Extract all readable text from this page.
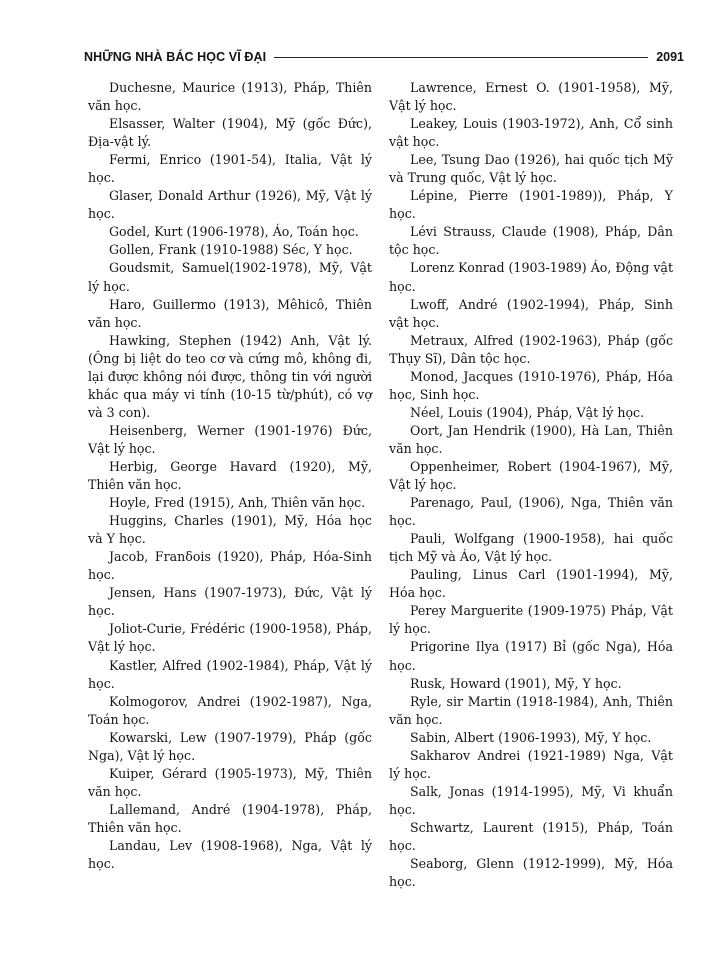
NHỮNG NHÀ BÁC HỌC VĨ ĐẠI	2091

Duchesne, Maurice (1913), Pháp, Thiên văn học.

Elsasser, Walter (1904), Mỹ (gốc Đức), Địa-vật lý.

Fermi, Enrico (1901-54), Italia, Vật lý học.

Glaser, Donald Arthur (1926), Mỹ, Vật lý học.

Godel, Kurt (1906-1978), Áo, Toán học.

Gollen, Frank (1910-1988) Séc, Y học.

Goudsmit, Samuel(1902-1978), Mỹ, Vật lý học.

Haro, Guillermo (1913), Mêhicô, Thiên văn học.

Hawking, Stephen (1942) Anh, Vật lý. (Ông bị liệt do teo cơ và cứng mô, không đi, lại được không nói được, thông tin với người khác qua máy vi tính (10-15 từ/phút), có vợ và 3 con).

Heisenberg, Werner (1901-1976) Đức, Vật lý học.

Herbig, George Havard (1920), Mỹ, Thiên văn học.

Hoyle, Fred (1915), Anh, Thiên văn học.

Huggins, Charles (1901), Mỹ, Hóa học và Y học.

Jacob, Franδois (1920), Pháp, Hóa-Sinh học.

Jensen, Hans (1907-1973), Đức, Vật lý học.

Joliot-Curie, Frédéric (1900-1958), Pháp, Vật lý học.

Kastler, Alfred (1902-1984), Pháp, Vật lý học.

Kolmogorov, Andrei (1902-1987), Nga, Toán học.

Kowarski, Lew (1907-1979), Pháp (gốc Nga), Vật lý học.

Kuiper, Gérard (1905-1973), Mỹ, Thiên văn học.

Lallemand, André (1904-1978), Pháp, Thiên văn học.

Landau, Lev (1908-1968), Nga, Vật lý học.

Lawrence, Ernest O. (1901-1958), Mỹ, Vật lý học.

Leakey, Louis (1903-1972), Anh, Cổ sinh vật học.

Lee, Tsung Dao (1926), hai quốc tịch Mỹ và Trung quốc, Vật lý học.

Lépine, Pierre (1901-1989)), Pháp, Y học.

Lévi Strauss, Claude (1908), Pháp, Dân tộc học.

Lorenz Konrad (1903-1989) Áo, Động vật học.

Lwoff, André (1902-1994), Pháp, Sinh vật học.

Metraux, Alfred (1902-1963), Pháp (gốc Thụy Sĩ), Dân tộc học.

Monod, Jacques (1910-1976), Pháp, Hóa học, Sinh học.

Néel, Louis (1904), Pháp, Vật lý học.

Oort, Jan Hendrik (1900), Hà Lan, Thiên văn học.

Oppenheimer, Robert (1904-1967), Mỹ, Vật lý học.

Parenago, Paul, (1906), Nga, Thiên văn học.

Pauli, Wolfgang (1900-1958), hai quốc tịch Mỹ và Áo, Vật lý học.

Pauling, Linus Carl (1901-1994), Mỹ, Hóa học.

Perey Marguerite (1909-1975) Pháp, Vật lý học.

Prigorine Ilya (1917) Bỉ (gốc Nga), Hóa học.

Rusk, Howard (1901), Mỹ, Y học.

Ryle, sir Martin (1918-1984), Anh, Thiên văn học.

Sabin, Albert (1906-1993), Mỹ, Y học.

Sakharov Andrei (1921-1989) Nga, Vật lý học.

Salk, Jonas (1914-1995), Mỹ, Vi khuẩn học.

Schwartz, Laurent (1915), Pháp, Toán học.

Seaborg, Glenn (1912-1999), Mỹ, Hóa học.
